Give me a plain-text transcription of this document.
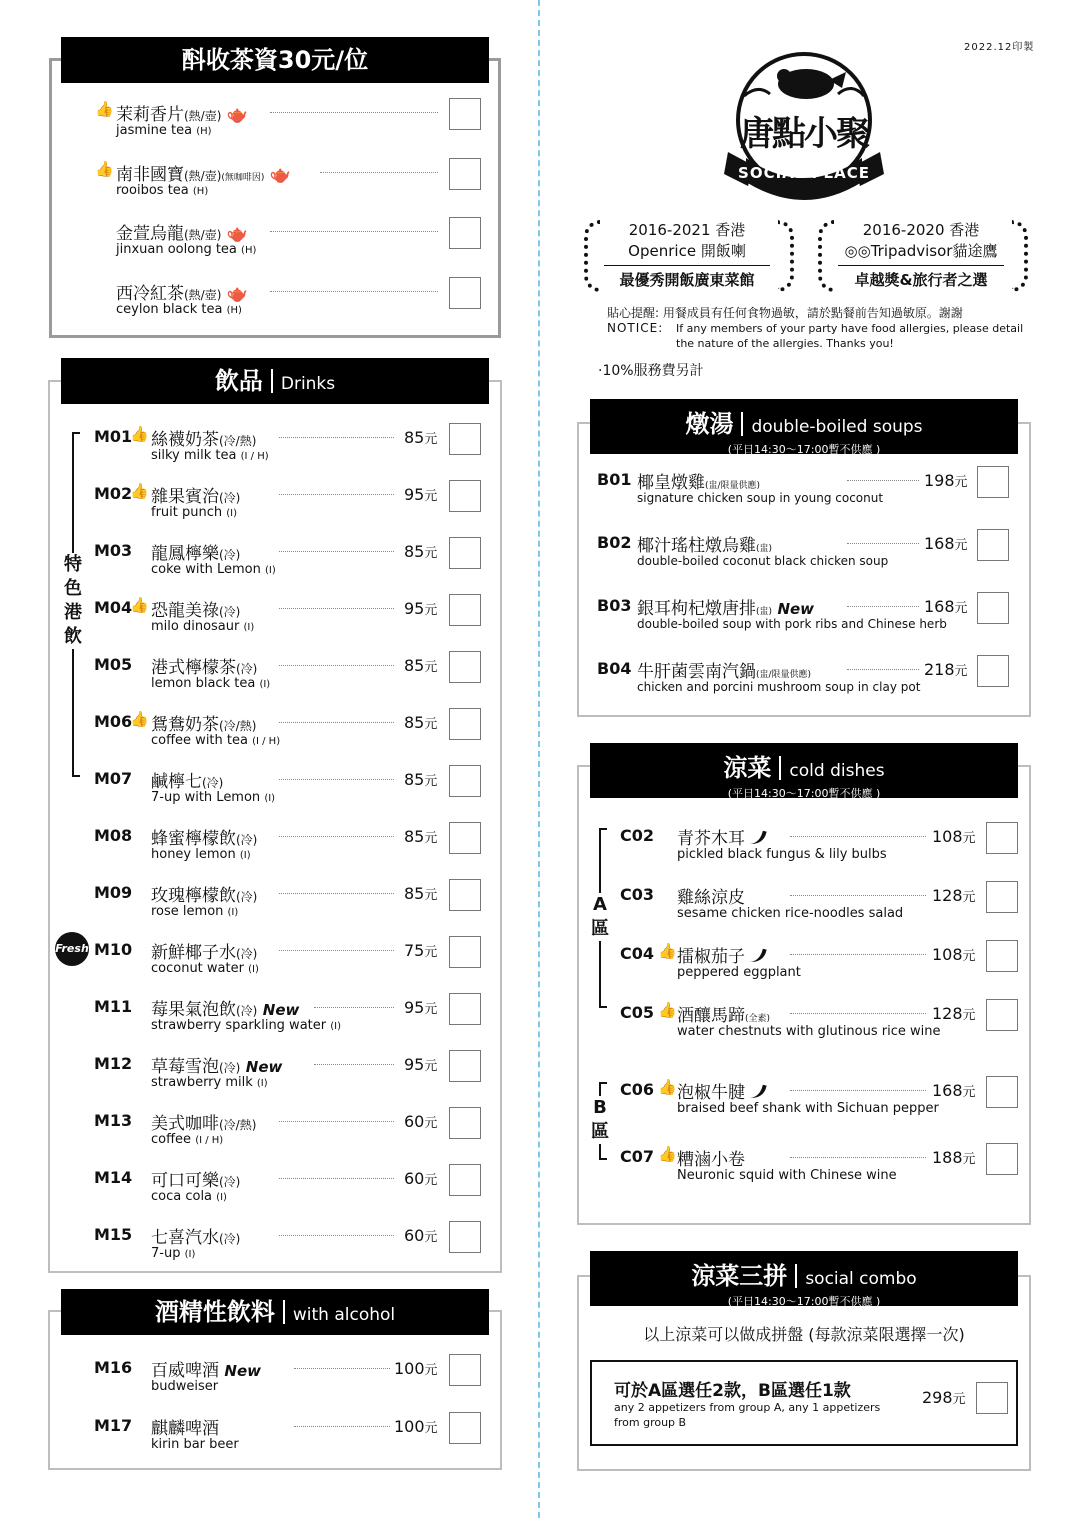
酙收茶資30元/位
👍 茉莉香片(熱/壺) 🫖
jasmine tea (H)
👍 南非國寶(熱/壺)(無咖啡因) 🫖
rooibos tea (H)
金萱烏龍(熱/壺) 🫖
jinxuan oolong tea (H)
西冷紅茶(熱/壺) 🫖
ceylon black tea (H)
飲品 Drinks
特色港飲
Fresh
M01
👍 絲襪奶茶(冷/熱)
silky milk tea (I / H)
85元
M02
👍 雜果賓治(冷)
fruit punch (I)
95元
M03 龍鳳檸樂(冷)
coke with Lemon (I)
85元
M04
👍 恐龍美祿(冷)
milo dinosaur (I)
95元
M05 港式檸檬茶(冷)
lemon black tea (I)
85元
M06
👍 鴛鴦奶茶(冷/熱)
coffee with tea (I / H)
85元
M07 鹹檸七(冷)
7-up with Lemon (I)
85元
M08 蜂蜜檸檬飲(冷)
honey lemon (I)
85元
M09 玫瑰檸檬飲(冷)
rose lemon (I)
85元
M10 新鮮椰子水(冷)
coconut water (I)
75元
M11 莓果氣泡飲(冷) New
strawberry sparkling water (I)
95元
M12 草莓雪泡(冷) New
strawberry milk (I)
95元
M13 美式咖啡(冷/熱)
coffee (I / H)
60元
M14 可口可樂(冷)
coca cola (I)
60元
M15 七喜汽水(冷)
7-up (I)
60元
酒精性飲料 with alcohol
M16 百威啤酒 New
budweiser
100元
M17 麒麟啤酒
kirin bar beer
100元
2022.12印製
唐點小聚
SOCIAL PLACE
2016-2021 香港
Openrice 開飯喇
最優秀開飯廣東菜館
2016-2020 香港
◎◎Tripadvisor貓途鷹
卓越獎&旅行者之選
貼心提醒: 用餐成員有任何食物過敏，請於點餐前告知過敏原。謝謝
NOTICE: If any members of your party have food allergies, please detail
the nature of the allergies. Thanks you!
·10%服務費另計
燉湯 double-boiled soups
(平日14:30～17:00暫不供應 )
B01 椰皇燉雞(盅/限量供應)
signature chicken soup in young coconut
198元
B02 椰汁瑤柱燉烏雞(盅)
double-boiled coconut black chicken soup
168元
B03 銀耳枸杞燉唐排(盅) New
double-boiled soup with pork ribs and Chinese herb
168元
B04 牛肝菌雲南汽鍋(盅/限量供應)
chicken and porcini mushroom soup in clay pot
218元
涼菜 cold dishes
(平日14:30～17:00暫不供應 )
A區
B區
C02 青芥木耳
pickled black fungus & lily bulbs
108元
C03 雞絲涼皮
sesame chicken rice-noodles salad
128元
C04 👍 擂椒茄子
peppered eggplant
108元
C05 👍 酒釀馬蹄(全素)
water chestnuts with glutinous rice wine
128元
C06 👍 泡椒牛腱
braised beef shank with Sichuan pepper
168元
C07 👍 糟滷小卷
Neuronic squid with Chinese wine
188元
涼菜三拼 social combo
(平日14:30～17:00暫不供應 )
以上涼菜可以做成拼盤 (每款涼菜限選擇一次)
可於A區選任2款，B區選任1款
any 2 appetizers from group A, any 1 appetizers
from group B
298元
